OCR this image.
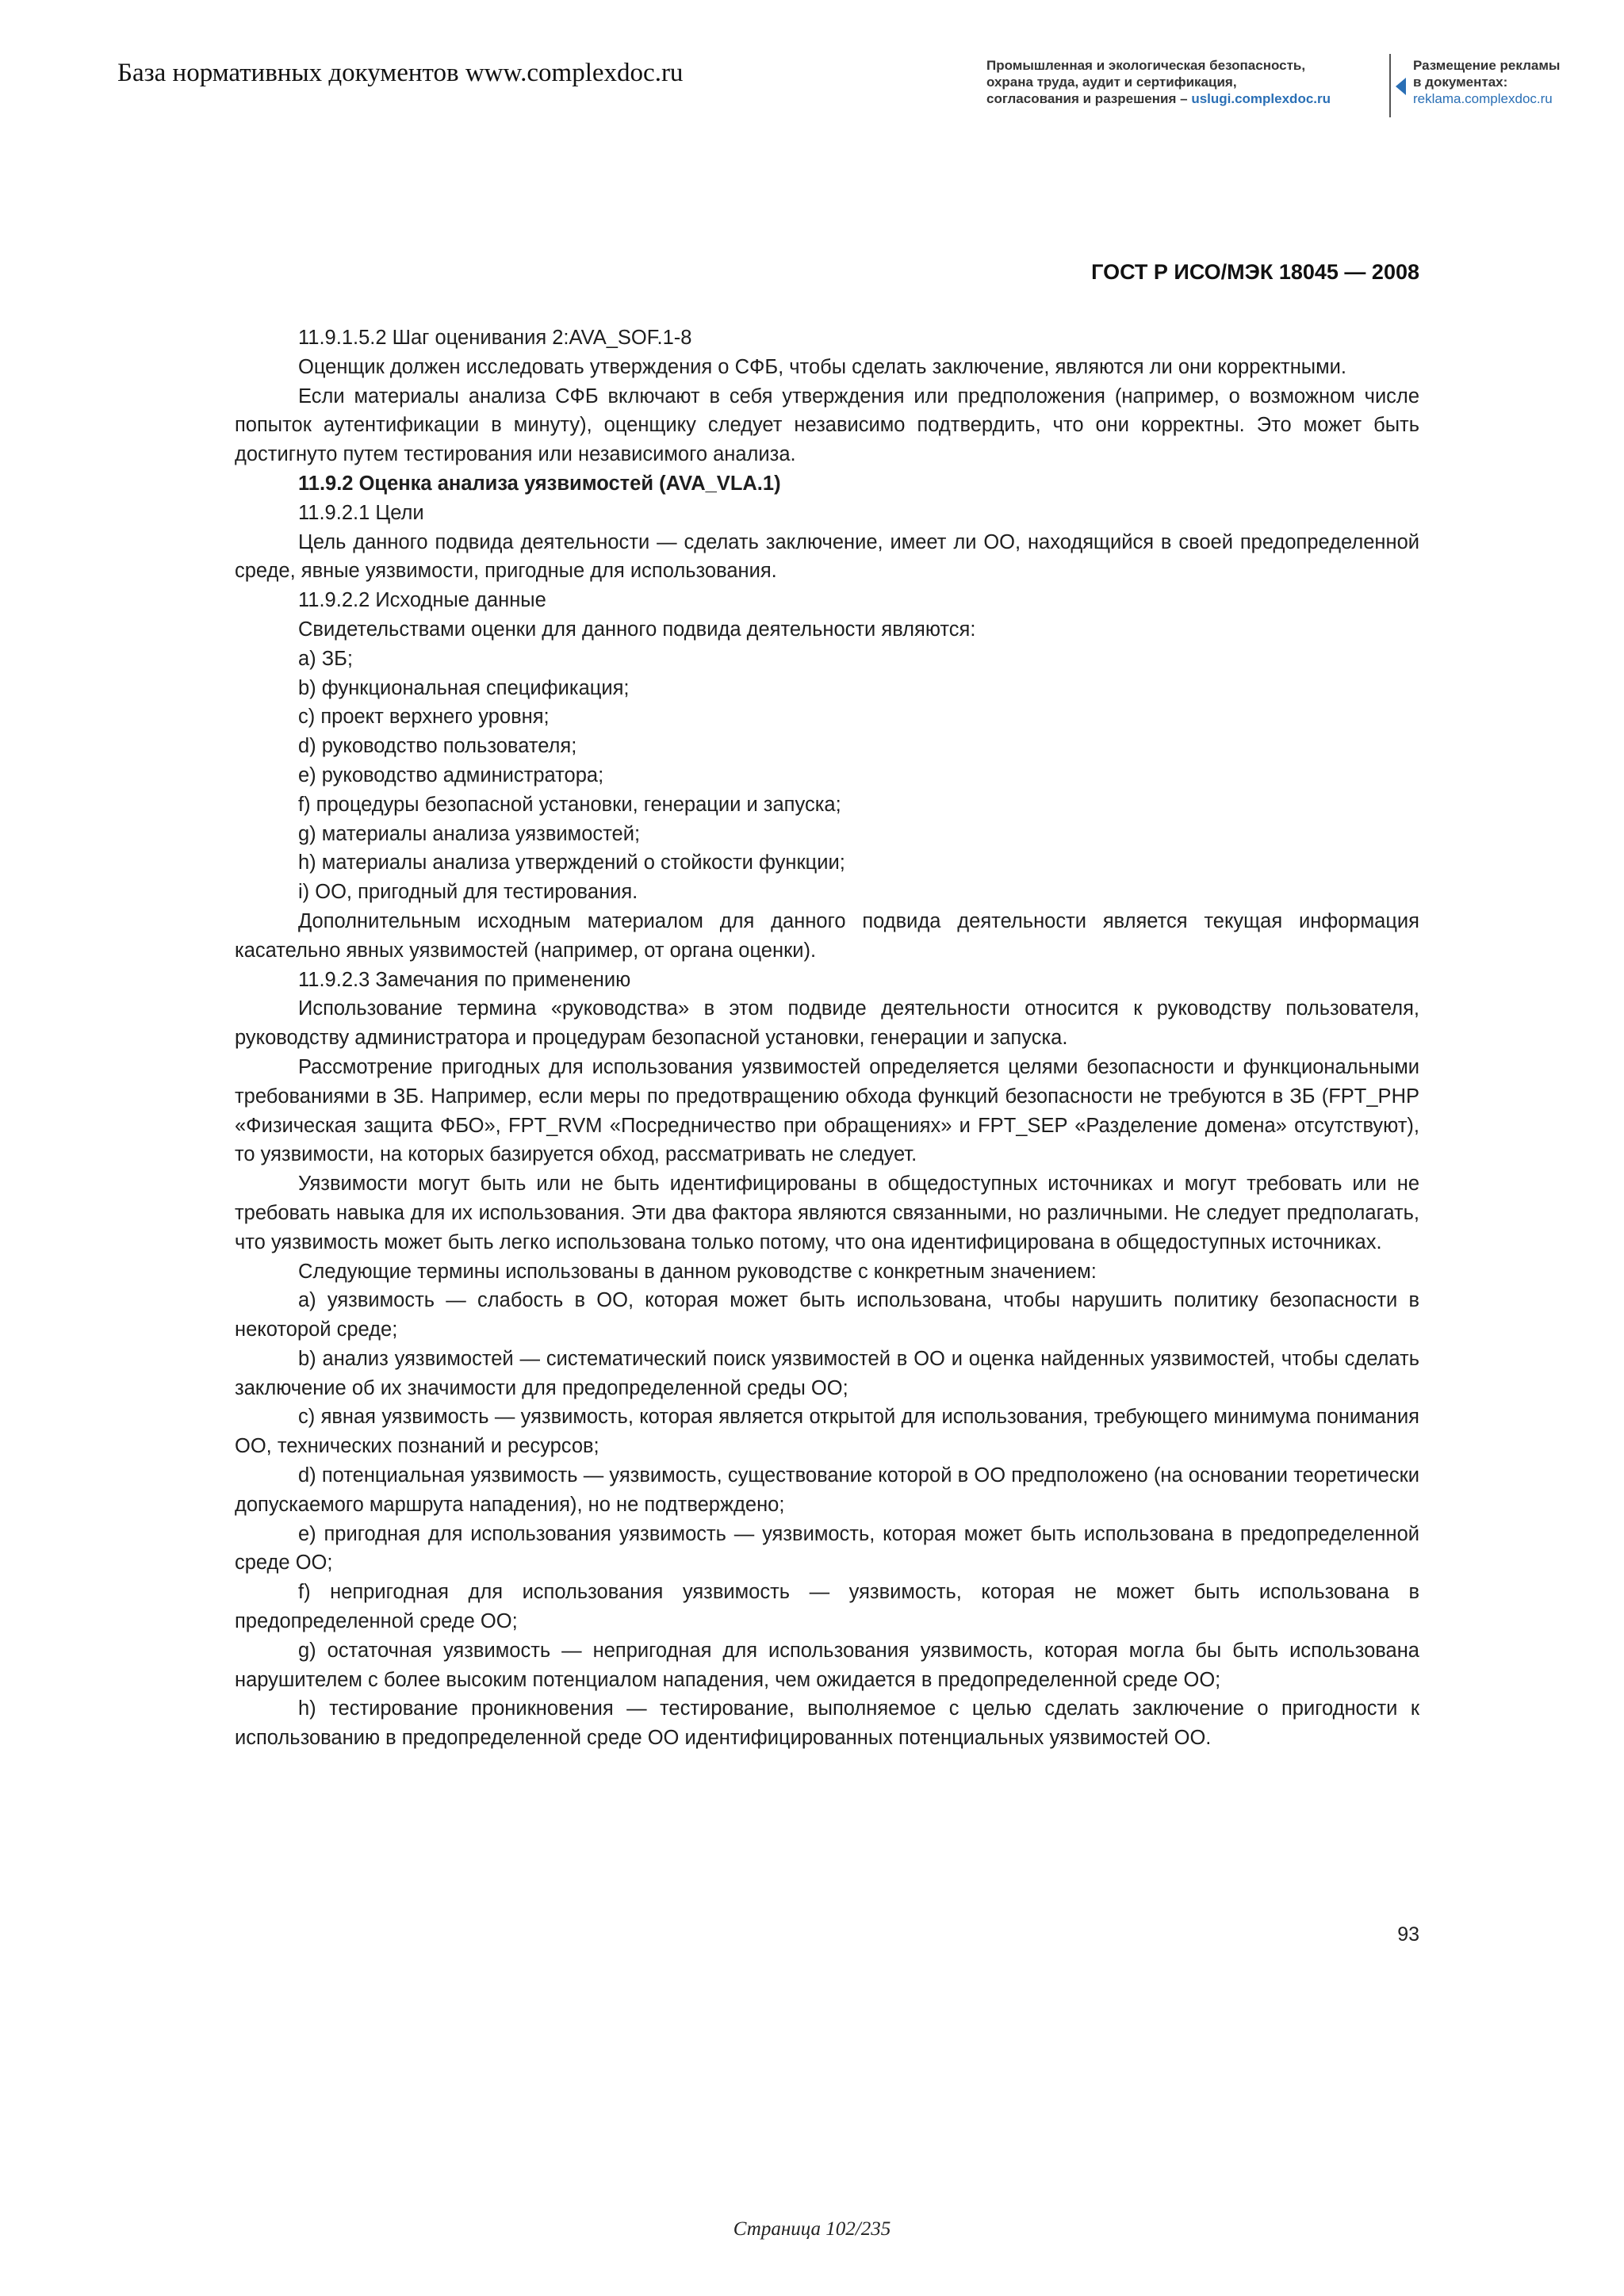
База нормативных документов www.complexdoc.ru	Промышленная и экологическая безопасность,
охрана труда, аудит и сертификация,
согласования и разрешения – uslugi.complexdoc.ru
Размещение рекламы
в документах:
reklama.complexdoc.ru
ГОСТ Р ИСО/МЭК 18045 — 2008

11.9.1.5.2 Шаг оценивания 2:AVA_SOF.1-8

Оценщик должен исследовать утверждения о СФБ, чтобы сделать заключение, являются ли они корректными.

Если материалы анализа СФБ включают в себя утверждения или предположения (например, о возможном числе попыток аутентификации в минуту), оценщику следует независимо подтвердить, что они корректны. Это может быть достигнуто путем тестирования или независимого анализа.

11.9.2 Оценка анализа уязвимостей (AVA_VLA.1)

11.9.2.1 Цели

Цель данного подвида деятельности — сделать заключение, имеет ли ОО, находящийся в своей предопределенной среде, явные уязвимости, пригодные для использования.

11.9.2.2 Исходные данные

Свидетельствами оценки для данного подвида деятельности являются:

a) ЗБ;

b) функциональная спецификация;

c) проект верхнего уровня;

d) руководство пользователя;

e) руководство администратора;

f) процедуры безопасной установки, генерации и запуска;

g) материалы анализа уязвимостей;

h) материалы анализа утверждений о стойкости функции;

i) ОО, пригодный для тестирования.

Дополнительным исходным материалом для данного подвида деятельности является текущая информация касательно явных уязвимостей (например, от органа оценки).

11.9.2.3 Замечания по применению

Использование термина «руководства» в этом подвиде деятельности относится к руководству пользователя, руководству администратора и процедурам безопасной установки, генерации и запуска.

Рассмотрение пригодных для использования уязвимостей определяется целями безопасности и функциональными требованиями в ЗБ. Например, если меры по предотвращению обхода функций безопасности не требуются в ЗБ (FPT_PHP «Физическая защита ФБО», FPT_RVM «Посредничество при обращениях» и FPT_SEP «Разделение домена» отсутствуют), то уязвимости, на которых базируется обход, рассматривать не следует.

Уязвимости могут быть или не быть идентифицированы в общедоступных источниках и могут требовать или не требовать навыка для их использования. Эти два фактора являются связанными, но различными. Не следует предполагать, что уязвимость может быть легко использована только потому, что она идентифицирована в общедоступных источниках.

Следующие термины использованы в данном руководстве с конкретным значением:

a) уязвимость — слабость в ОО, которая может быть использована, чтобы нарушить политику безопасности в некоторой среде;

b) анализ уязвимостей — систематический поиск уязвимостей в ОО и оценка найденных уязвимостей, чтобы сделать заключение об их значимости для предопределенной среды ОО;

c) явная уязвимость — уязвимость, которая является открытой для использования, требующего минимума понимания ОО, технических познаний и ресурсов;

d) потенциальная уязвимость — уязвимость, существование которой в ОО предположено (на основании теоретически допускаемого маршрута нападения), но не подтверждено;

e) пригодная для использования уязвимость — уязвимость, которая может быть использована в предопределенной среде ОО;

f) непригодная для использования уязвимость — уязвимость, которая не может быть использована в предопределенной среде ОО;

g) остаточная уязвимость — непригодная для использования уязвимость, которая могла бы быть использована нарушителем с более высоким потенциалом нападения, чем ожидается в предопределенной среде ОО;

h) тестирование проникновения — тестирование, выполняемое с целью сделать заключение о пригодности к использованию в предопределенной среде ОО идентифицированных потенциальных уязвимостей ОО.

93
Страница 102/235
